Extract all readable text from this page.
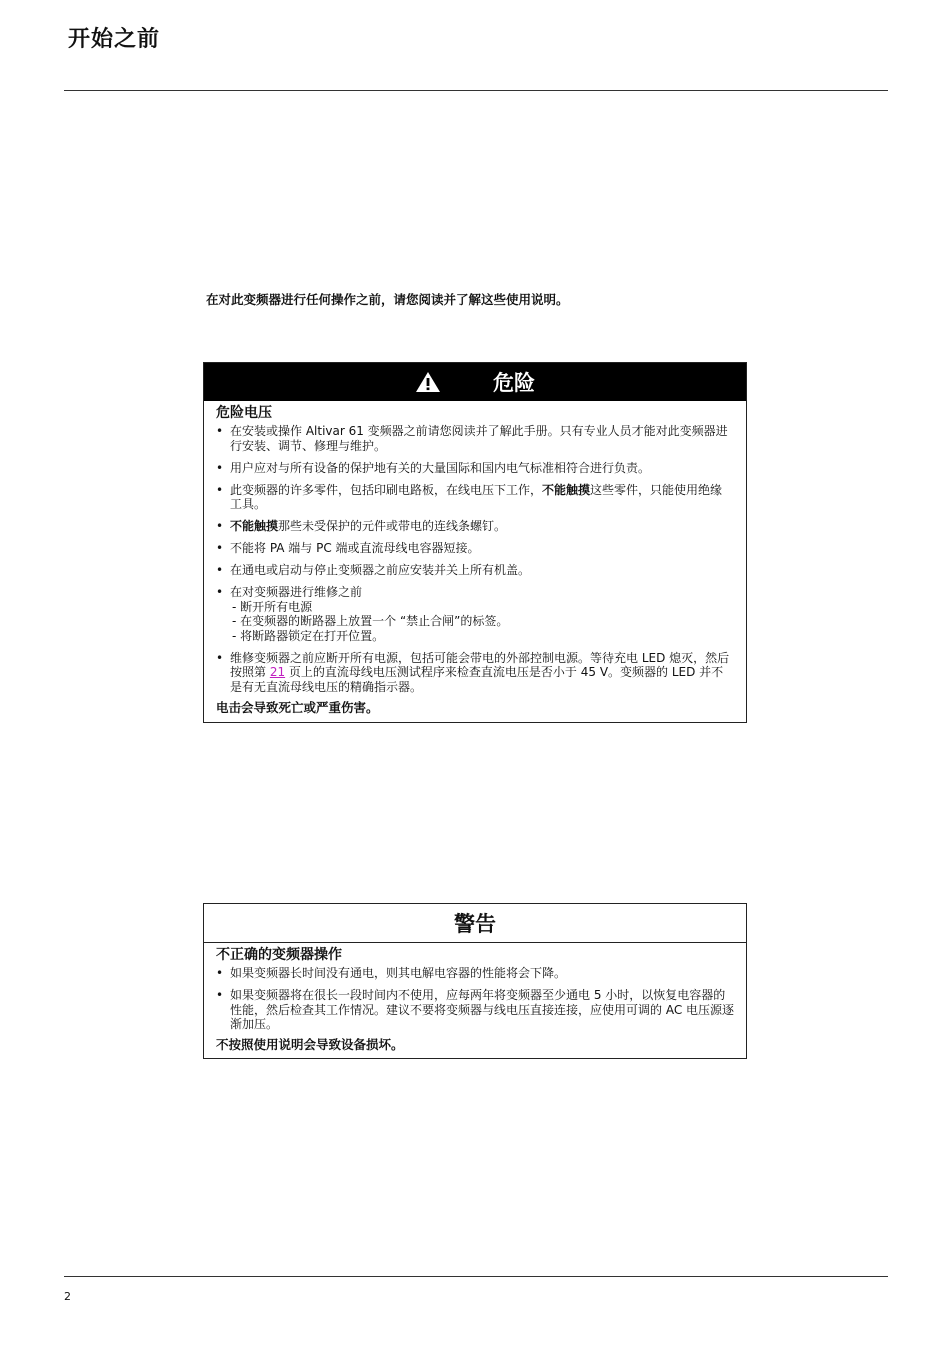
开始之前
在对此变频器进行任何操作之前，请您阅读并了解这些使用说明。
危险
危险电压
• 在安装或操作 Altivar 61 变频器之前请您阅读并了解此手册。只有专业人员才能对此变频器进行安装、调节、修理与维护。
• 用户应对与所有设备的保护地有关的大量国际和国内电气标准相符合进行负责。
• 此变频器的许多零件，包括印刷电路板，在线电压下工作，不能触摸这些零件，只能使用绝缘工具。
• 不能触摸那些未受保护的元件或带电的连线条螺钉。
• 不能将 PA 端与 PC 端或直流母线电容器短接。
• 在通电或启动与停止变频器之前应安装并关上所有机盖。
• 在对变频器进行维修之前
- 断开所有电源
- 在变频器的断路器上放置一个 “禁止合闸”的标签。
- 将断路器锁定在打开位置。
• 维修变频器之前应断开所有电源，包括可能会带电的外部控制电源。等待充电 LED 熄灭，然后按照第 21 页上的直流母线电压测试程序来检查直流电压是否小于 45 V。变频器的 LED 并不是有无直流母线电压的精确指示器。
电击会导致死亡或严重伤害。
警告
不正确的变频器操作
• 如果变频器长时间没有通电，则其电解电容器的性能将会下降。
• 如果变频器将在很长一段时间内不使用，应每两年将变频器至少通电 5 小时，以恢复电容器的性能，然后检查其工作情况。建议不要将变频器与线电压直接连接，应使用可调的 AC 电压源逐渐加压。
不按照使用说明会导致设备损坏。
2
